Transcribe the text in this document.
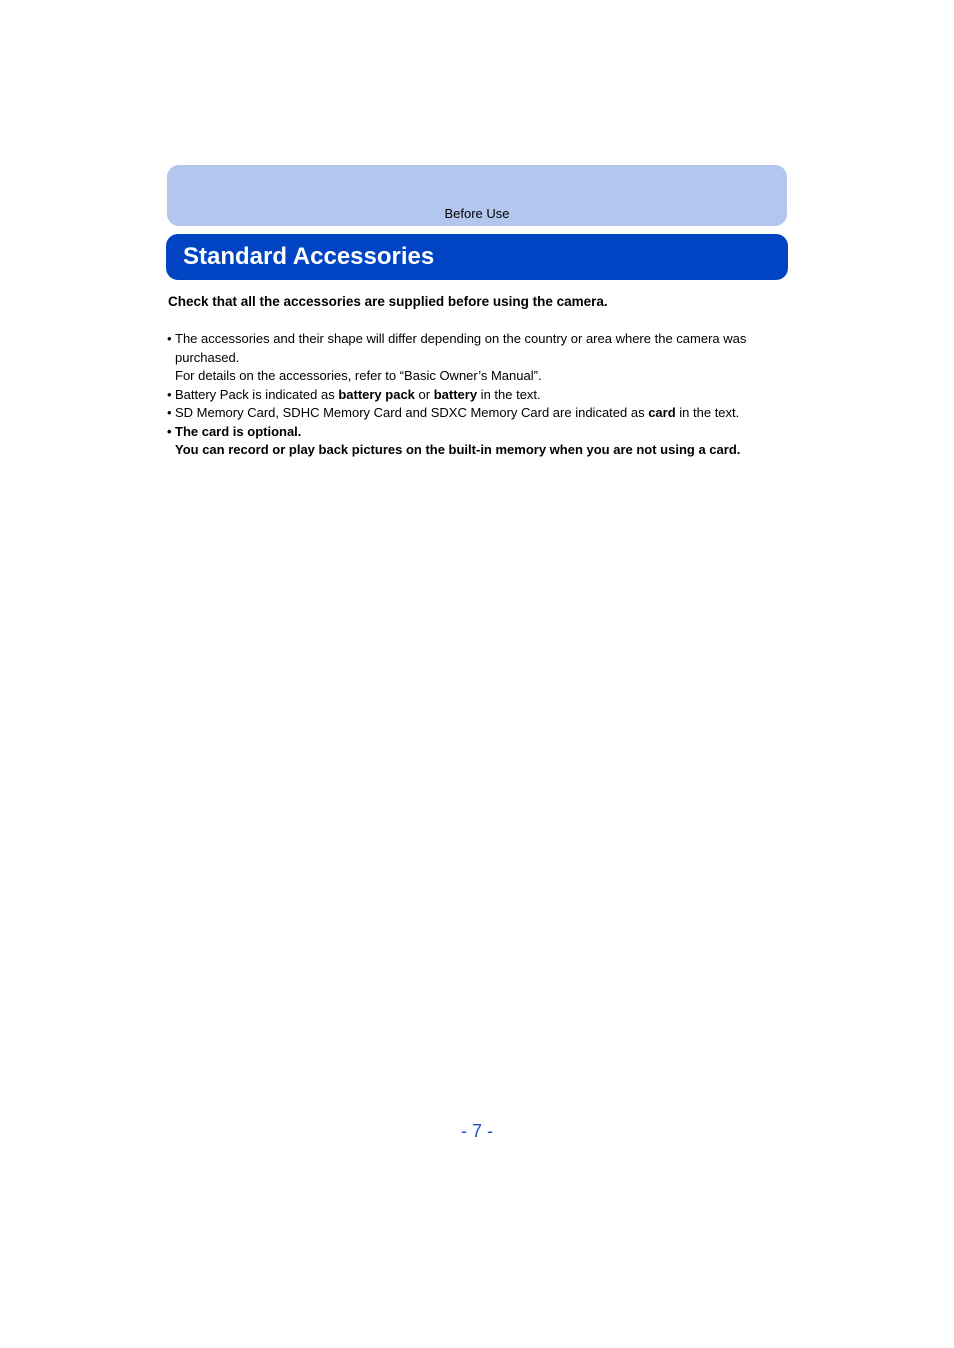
Before Use
Standard Accessories
Check that all the accessories are supplied before using the camera.
• The accessories and their shape will differ depending on the country or area where the camera was
purchased.
For details on the accessories, refer to “Basic Owner’s Manual”.
• Battery Pack is indicated as battery pack or battery in the text.
• SD Memory Card, SDHC Memory Card and SDXC Memory Card are indicated as card in the text.
• The card is optional.
You can record or play back pictures on the built-in memory when you are not using a card.
- 7 -
